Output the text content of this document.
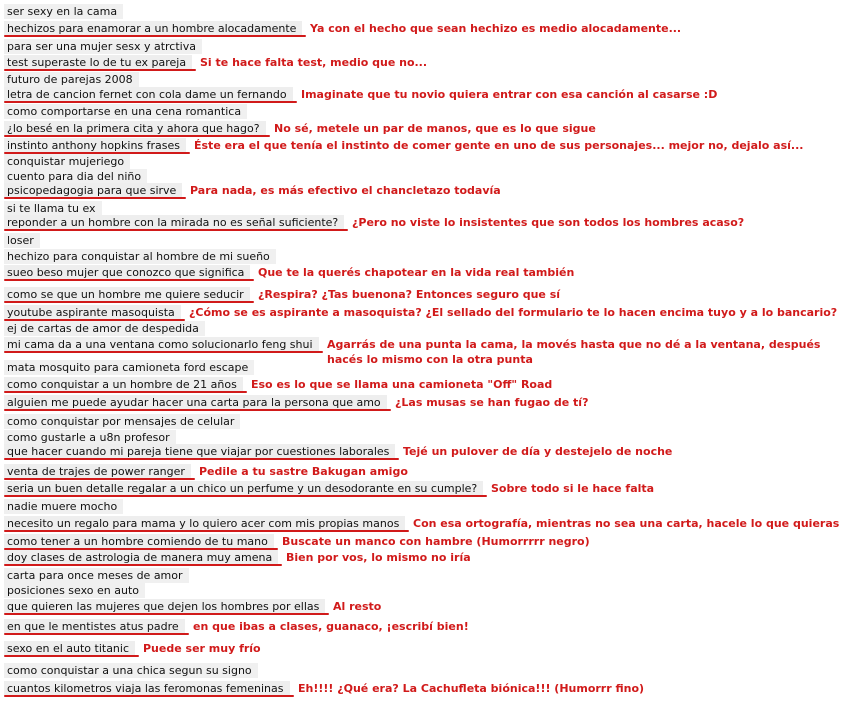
ser sexy en la cama
hechizos para enamorar a un hombre alocadamente	Ya con el hecho que sean hechizo es medio alocadamente...
para ser una mujer sesx y atrctiva
test superaste lo de tu ex pareja	Si te hace falta test, medio que no...
futuro de parejas 2008
letra de cancion fernet con cola dame un fernando	Imaginate que tu novio quiera entrar con esa canción al casarse :D
como comportarse en una cena romantica
¿lo besé en la primera cita y ahora que hago?	No sé, metele un par de manos, que es lo que sigue
instinto anthony hopkins frases	Éste era el que tenía el instinto de comer gente en uno de sus personajes... mejor no, dejalo así...
conquistar mujeriego
cuento para dia del niño
psicopedagogia para que sirve	Para nada, es más efectivo el chancletazo todavía
si te llama tu ex
reponder a un hombre con la mirada no es señal suficiente?	¿Pero no viste lo insistentes que son todos los hombres acaso?
loser
hechizo para conquistar al hombre de mi sueño
sueo beso mujer que conozco que significa	Que te la querés chapotear en la vida real también
como se que un hombre me quiere seducir	¿Respira? ¿Tas buenona? Entonces seguro que sí
youtube aspirante masoquista	¿Cómo se es aspirante a masoquista? ¿El sellado del formulario te lo hacen encima tuyo y a lo bancario?
ej de cartas de amor de despedida
mi cama da a una ventana como solucionarlo feng shui	Agarrás de una punta la cama, la movés hasta que no dé a la ventana, después hacés lo mismo con la otra punta
mata mosquito para camioneta ford escape
como conquistar a un hombre de 21 años	Eso es lo que se llama una camioneta "Off" Road
alguien me puede ayudar hacer una carta para la persona que amo	¿Las musas se han fugao de tí?
como conquistar por mensajes de celular
como gustarle a u8n profesor
que hacer cuando mi pareja tiene que viajar por cuestiones laborales	Tejé un pulover de día y destejelo de noche
venta de trajes de power ranger	Pedile a tu sastre Bakugan amigo
seria un buen detalle regalar a un chico un perfume y un desodorante en su cumple?	Sobre todo si le hace falta
nadie muere mocho
necesito un regalo para mama y lo quiero acer com mis propias manos	Con esa ortografía, mientras no sea una carta, hacele lo que quieras
como tener a un hombre comiendo de tu mano	Buscate un manco con hambre (Humorrrrr negro)
doy clases de astrologia de manera muy amena	Bien por vos, lo mismo no iría
carta para once meses de amor
posiciones sexo en auto
que quieren las mujeres que dejen los hombres por ellas	Al resto
en que le mentistes atus padre	en que ibas a clases, guanaco, ¡escribí bien!
sexo en el auto titanic	Puede ser muy frío
como conquistar a una chica segun su signo
cuantos kilometros viaja las feromonas femeninas	Eh!!!! ¿Qué era? La Cachufleta biónica!!! (Humorrr fino)
